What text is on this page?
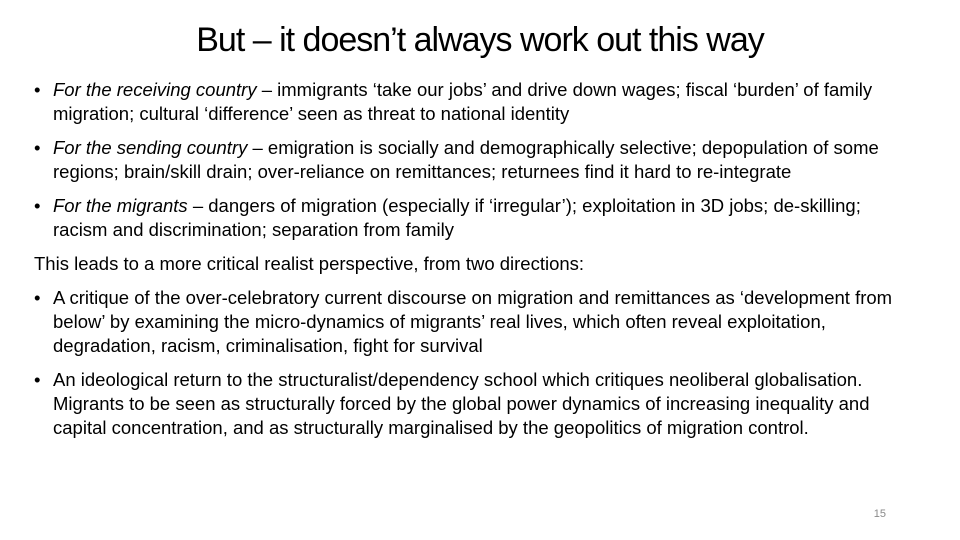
But – it doesn’t always work out this way
• For the receiving country – immigrants ‘take our jobs’ and drive down wages; fiscal ‘burden’ of family migration; cultural ‘difference’ seen as threat to national identity
• For the sending country – emigration is socially and demographically selective; depopulation of some regions; brain/skill drain; over-reliance on remittances; returnees find it hard to re-integrate
• For the migrants – dangers of migration (especially if ‘irregular’); exploitation in 3D jobs; de-skilling; racism and discrimination; separation from family
This leads to a more critical realist perspective, from two directions:
• A critique of the over-celebratory current discourse on migration and remittances as ‘development from below’ by examining the micro-dynamics of migrants’ real lives, which often reveal exploitation, degradation, racism, criminalisation, fight for survival
• An ideological return to the structuralist/dependency school which critiques neoliberal globalisation. Migrants to be seen as structurally forced by the global power dynamics of increasing inequality and capital concentration, and as structurally marginalised by the geopolitics of migration control.
15
